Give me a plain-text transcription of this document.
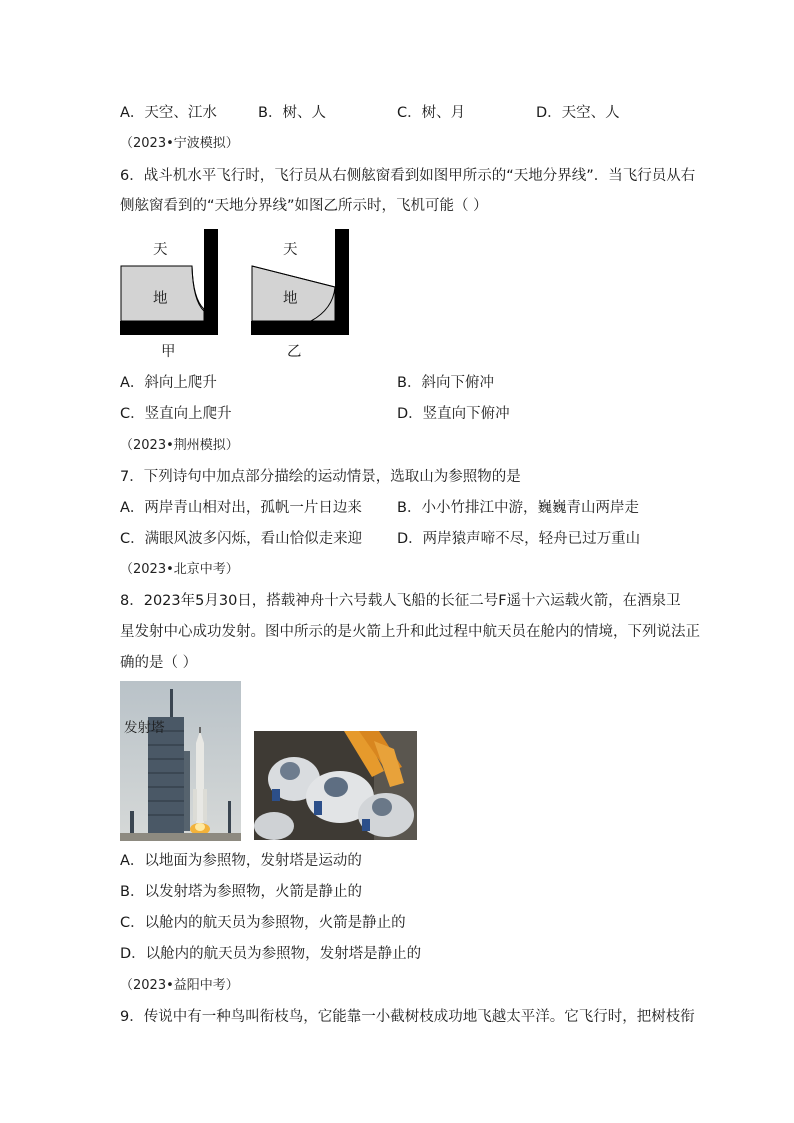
A．天空、江水	B．树、人	C．树、月	D．天空、人
（2023•宁波模拟）
6．战斗机水平飞行时，飞行员从右侧舷窗看到如图甲所示的“天地分界线”．当飞行员从右
侧舷窗看到的“天地分界线”如图乙所示时，飞机可能（ ）
天
地
甲
天
地
乙
A．斜向上爬升	B．斜向下俯冲
C．竖直向上爬升	D．竖直向下俯冲
（2023•荆州模拟）
7．下列诗句中加点部分描绘的运动情景，选取山为参照物的是
A．两岸青山相对出，孤帆一片日边来 B．小小竹排江中游，巍巍青山两岸走
C．满眼风波多闪烁，看山恰似走来迎 D．两岸猿声啼不尽，轻舟已过万重山
（2023•北京中考）
8．2023年5月30日，搭载神舟十六号载人飞船的长征二号F遥十六运载火箭，在酒泉卫
星发射中心成功发射。图中所示的是火箭上升和此过程中航天员在舱内的情境，下列说法正
确的是（ ）
发射塔
A．以地面为参照物，发射塔是运动的
B．以发射塔为参照物，火箭是静止的
C．以舱内的航天员为参照物，火箭是静止的
D．以舱内的航天员为参照物，发射塔是静止的
（2023•益阳中考）
9．传说中有一种鸟叫衔枝鸟，它能靠一小截树枝成功地飞越太平洋。它飞行时，把树枝衔
